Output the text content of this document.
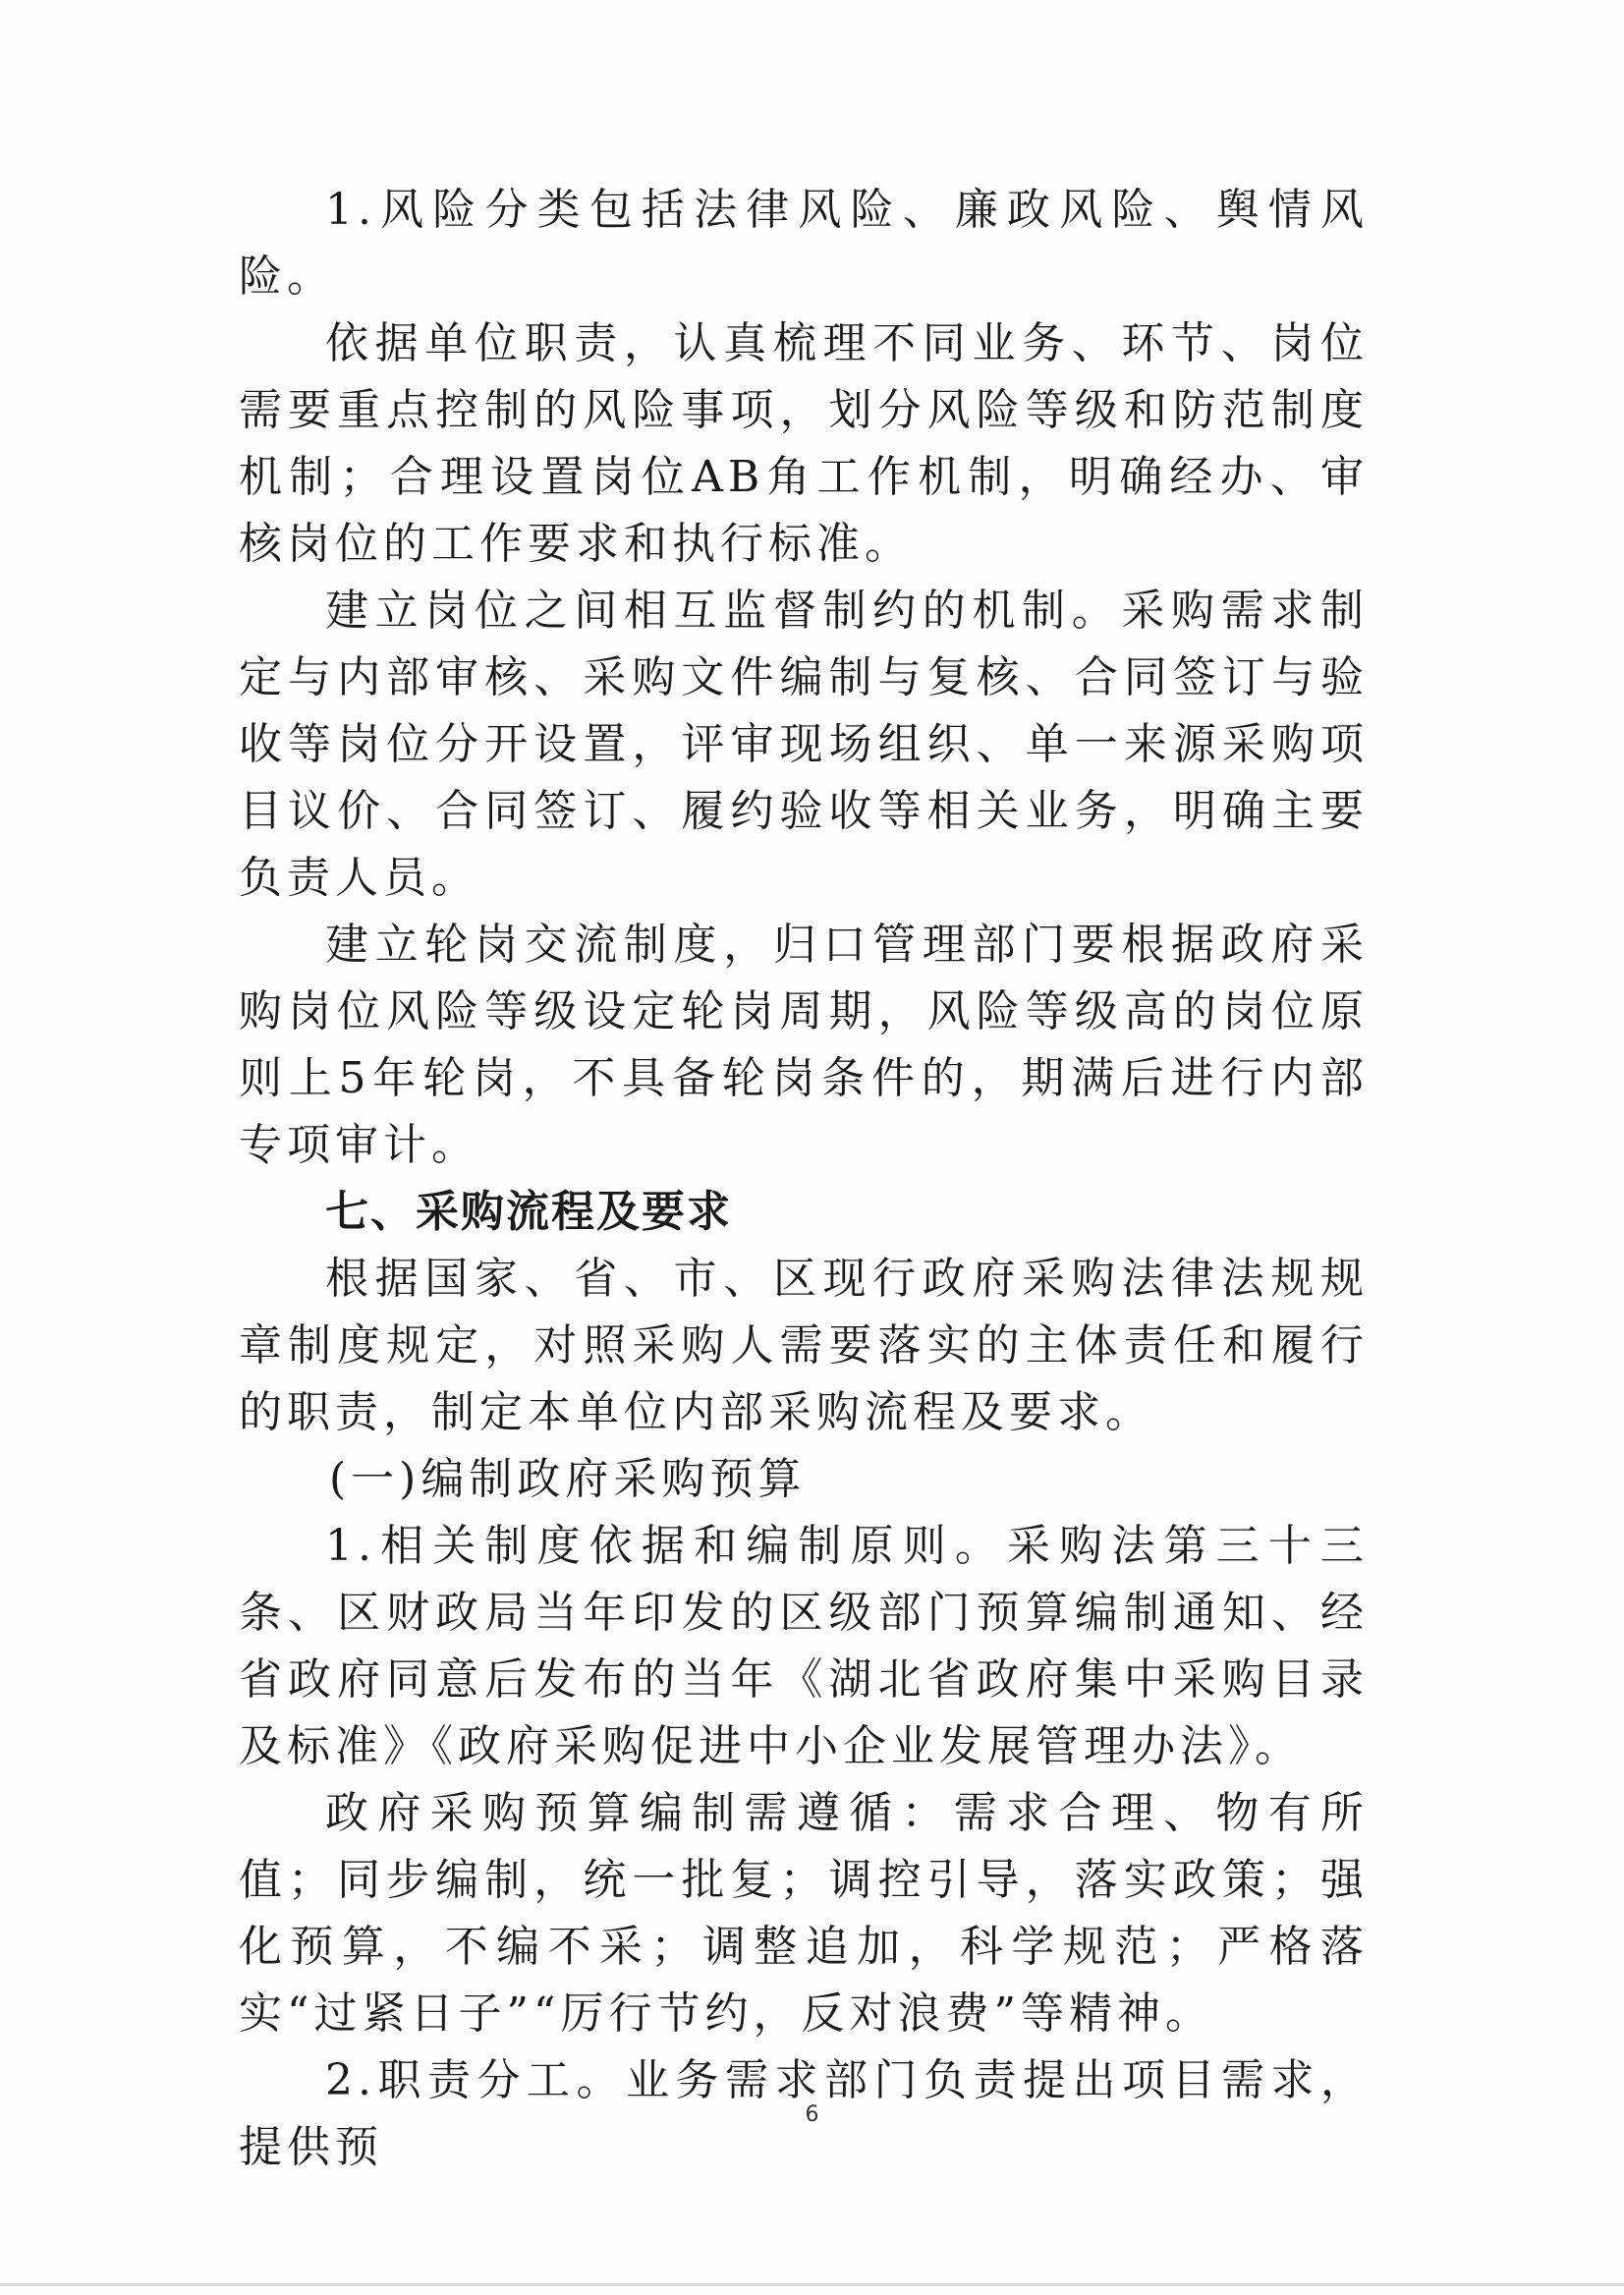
1.风险分类包括法律风险、廉政风险、舆情风险。

依据单位职责，认真梳理不同业务、环节、岗位需要重点控制的风险事项，划分风险等级和防范制度机制；合理设置岗位AB角工作机制，明确经办、审核岗位的工作要求和执行标准。

建立岗位之间相互监督制约的机制。采购需求制定与内部审核、采购文件编制与复核、合同签订与验收等岗位分开设置，评审现场组织、单一来源采购项目议价、合同签订、履约验收等相关业务，明确主要负责人员。

建立轮岗交流制度，归口管理部门要根据政府采购岗位风险等级设定轮岗周期，风险等级高的岗位原则上5年轮岗，不具备轮岗条件的，期满后进行内部专项审计。

七、采购流程及要求

根据国家、省、市、区现行政府采购法律法规规章制度规定，对照采购人需要落实的主体责任和履行的职责，制定本单位内部采购流程及要求。

(一)编制政府采购预算

1.相关制度依据和编制原则。采购法第三十三条、区财政局当年印发的区级部门预算编制通知、经省政府同意后发布的当年《湖北省政府集中采购目录及标准》《政府采购促进中小企业发展管理办法》。

政府采购预算编制需遵循：需求合理、物有所值；同步编制，统一批复；调控引导，落实政策；强化预算，不编不采；调整追加，科学规范；严格落实“过紧日子”“厉行节约，反对浪费”等精神。

2.职责分工。业务需求部门负责提出项目需求，提供预

6
